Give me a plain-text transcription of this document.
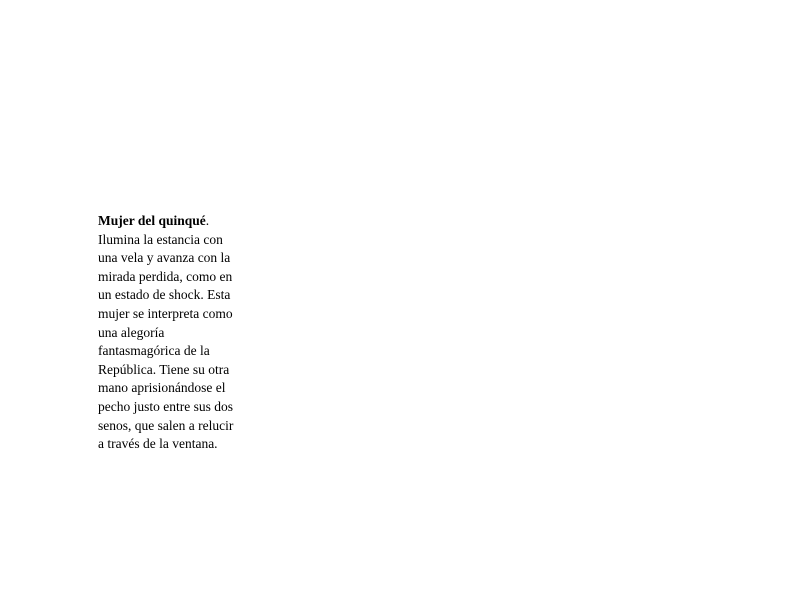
Mujer del quinqué.
Ilumina la estancia con
una vela y avanza con la
mirada perdida, como en
un estado de shock. Esta
mujer se interpreta como
una alegoría
fantasmagórica de la
República. Tiene su otra
mano aprisionándose el
pecho justo entre sus dos
senos, que salen a relucir
a través de la ventana.
